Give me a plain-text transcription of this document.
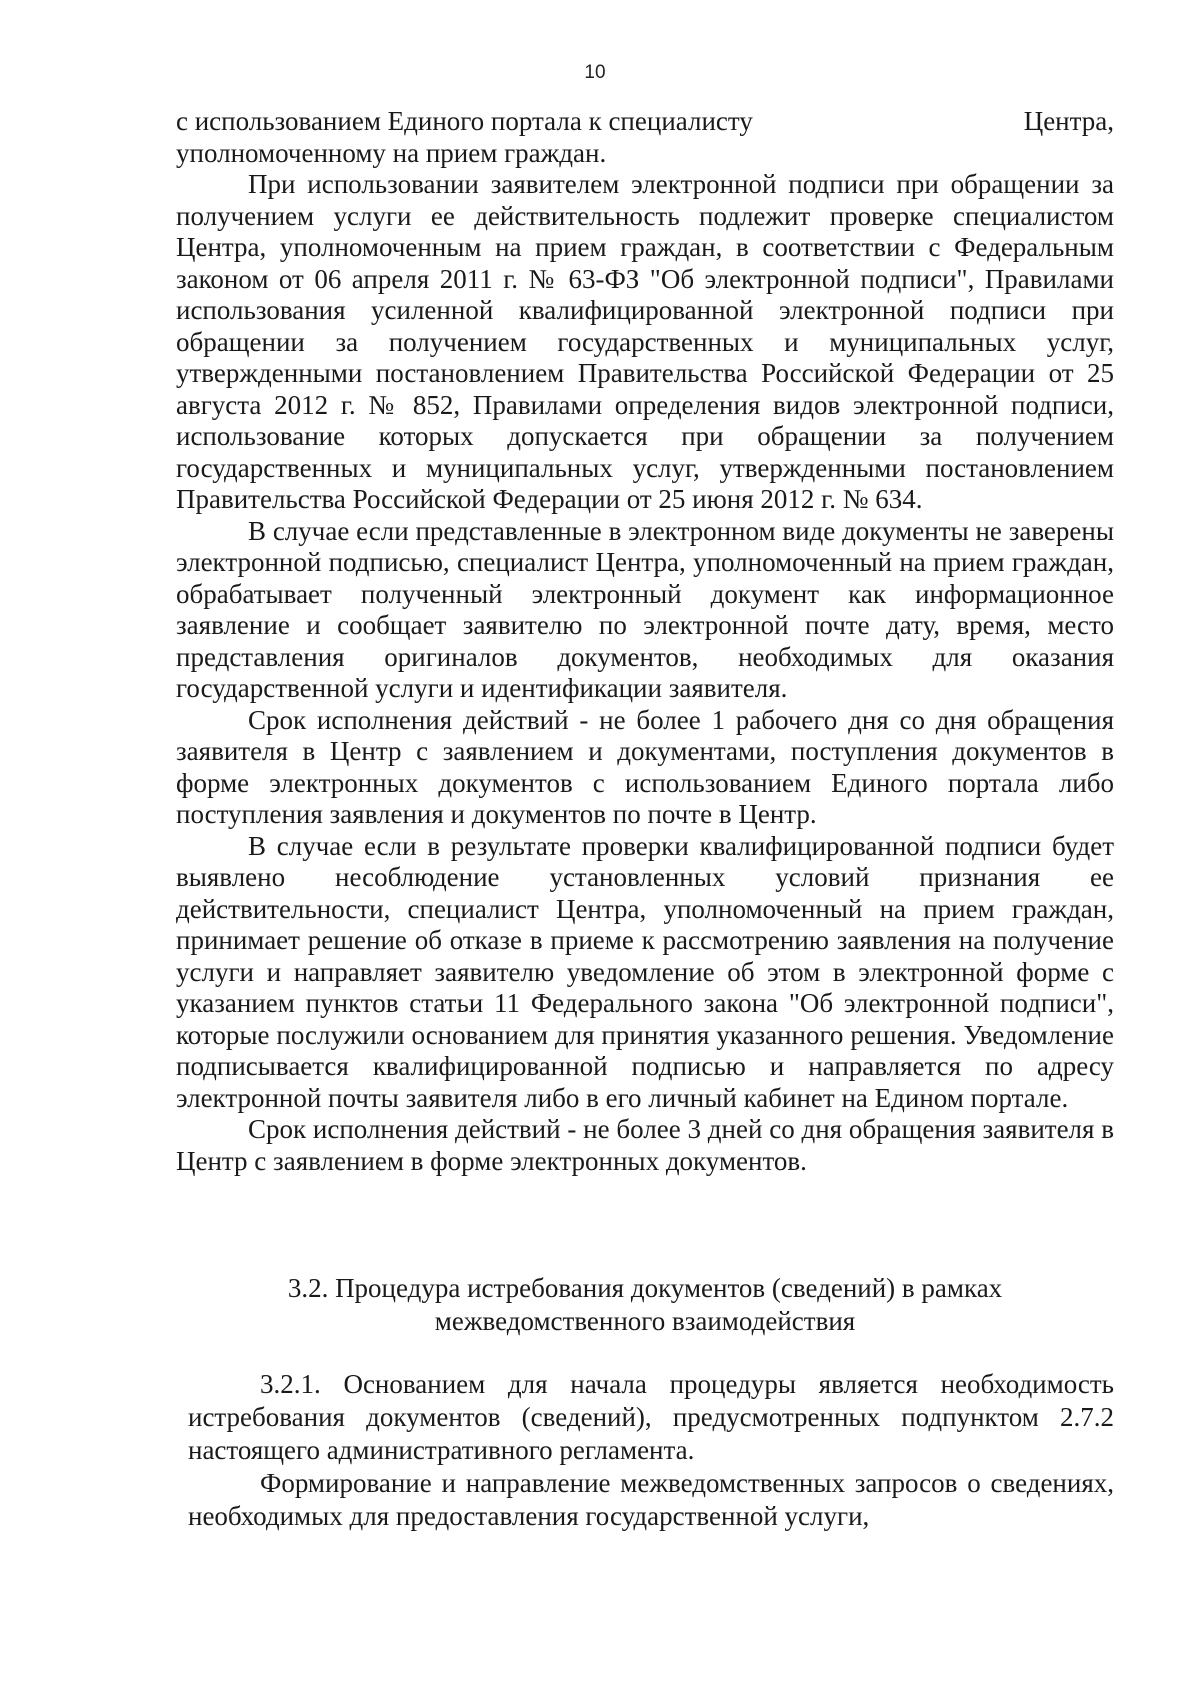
10
с использованием Единого портала к специалисту	Центра,

уполномоченному на прием граждан.

При использовании заявителем электронной подписи при обращении за получением услуги ее действительность подлежит проверке специалистом Центра, уполномоченным на прием граждан, в соответствии с Федеральным законом от 06 апреля 2011 г. № 63-ФЗ "Об электронной подписи", Правилами использования усиленной квалифицированной электронной подписи при обращении за получением государственных и муниципальных услуг, утвержденными постановлением Правительства Российской Федерации от 25 августа 2012 г. № 852, Правилами определения видов электронной подписи, использование которых допускается при обращении за получением государственных и муниципальных услуг, утвержденными постановлением Правительства Российской Федерации от 25 июня 2012 г. № 634.

В случае если представленные в электронном виде документы не заверены электронной подписью, специалист Центра, уполномоченный на прием граждан, обрабатывает полученный электронный документ как информационное заявление и сообщает заявителю по электронной почте дату, время, место представления оригиналов документов, необходимых для оказания государственной услуги и идентификации заявителя.

Срок исполнения действий - не более 1 рабочего дня со дня обращения заявителя в Центр с заявлением и документами, поступления документов в форме электронных документов с использованием Единого портала либо поступления заявления и документов по почте в Центр.

В случае если в результате проверки квалифицированной подписи будет выявлено несоблюдение установленных условий признания ее действительности, специалист Центра, уполномоченный на прием граждан, принимает решение об отказе в приеме к рассмотрению заявления на получение услуги и направляет заявителю уведомление об этом в электронной форме с указанием пунктов статьи 11 Федерального закона "Об электронной подписи", которые послужили основанием для принятия указанного решения. Уведомление подписывается квалифицированной подписью и направляется по адресу электронной почты заявителя либо в его личный кабинет на Едином портале.

Срок исполнения действий - не более 3 дней со дня обращения заявителя в Центр с заявлением в форме электронных документов.

3.2. Процедура истребования документов (сведений) в рамках
межведомственного взаимодействия

3.2.1. Основанием для начала процедуры является необходимость истребования документов (сведений), предусмотренных подпунктом 2.7.2 настоящего административного регламента.

Формирование и направление межведомственных запросов о сведениях, необходимых для предоставления государственной услуги,
